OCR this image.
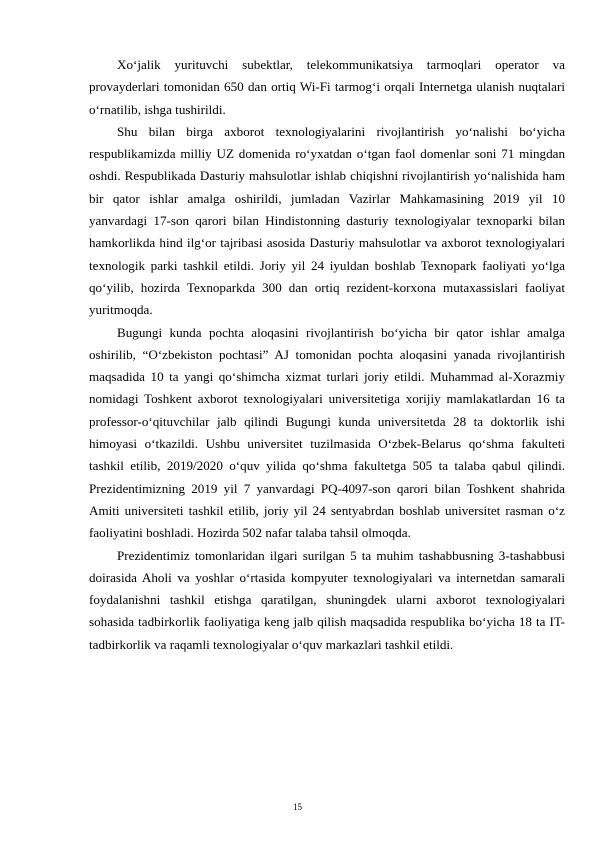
Xo‘jalik yurituvchi subektlar, telekommunikatsiya tarmoqlari operator va provayderlari tomonidan 650 dan ortiq Wi-Fi tarmog‘i orqali Internetga ulanish nuqtalari o‘rnatilib, ishga tushirildi.

Shu bilan birga axborot texnologiyalarini rivojlantirish yo‘nalishi bo‘yicha respublikamizda milliy UZ domenida ro‘yxatdan o‘tgan faol domenlar soni 71 mingdan oshdi. Respublikada Dasturiy mahsulotlar ishlab chiqishni rivojlantirish yo‘nalishida ham bir qator ishlar amalga oshirildi, jumladan Vazirlar Mahkamasining 2019 yil 10 yanvardagi 17-son qarori bilan Hindistonning dasturiy texnologiyalar texnoparki bilan hamkorlikda hind ilg‘or tajribasi asosida Dasturiy mahsulotlar va axborot texnologiyalari texnologik parki tashkil etildi. Joriy yil 24 iyuldan boshlab Texnopark faoliyati yo‘lga qo‘yilib, hozirda Texnoparkda 300 dan ortiq rezident-korxona mutaxassislari faoliyat yuritmoqda.

Bugungi kunda pochta aloqasini rivojlantirish bo‘yicha bir qator ishlar amalga oshirilib, “O‘zbekiston pochtasi” AJ tomonidan pochta aloqasini yanada rivojlantirish maqsadida 10 ta yangi qo‘shimcha xizmat turlari joriy etildi. Muhammad al-Xorazmiy nomidagi Toshkent axborot texnologiyalari universitetiga xorijiy mamlakatlardan 16 ta professor-o‘qituvchilar jalb qilindi Bugungi kunda universitetda 28 ta doktorlik ishi himoyasi o‘tkazildi. Ushbu universitet tuzilmasida O‘zbek-Belarus qo‘shma fakulteti tashkil etilib, 2019/2020 o‘quv yilida qo‘shma fakultetga 505 ta talaba qabul qilindi. Prezidentimizning 2019 yil 7 yanvardagi PQ-4097-son qarori bilan Toshkent shahrida Amiti universiteti tashkil etilib, joriy yil 24 sentyabrdan boshlab universitet rasman o‘z faoliyatini boshladi. Hozirda 502 nafar talaba tahsil olmoqda.

Prezidentimiz tomonlaridan ilgari surilgan 5 ta muhim tashabbusning 3-tashabbusi doirasida Aholi va yoshlar o‘rtasida kompyuter texnologiyalari va internetdan samarali foydalanishni tashkil etishga qaratilgan, shuningdek ularni axborot texnologiyalari sohasida tadbirkorlik faoliyatiga keng jalb qilish maqsadida respublika bo‘yicha 18 ta IT-tadbirkorlik va raqamli texnologiyalar o‘quv markazlari tashkil etildi.

15
